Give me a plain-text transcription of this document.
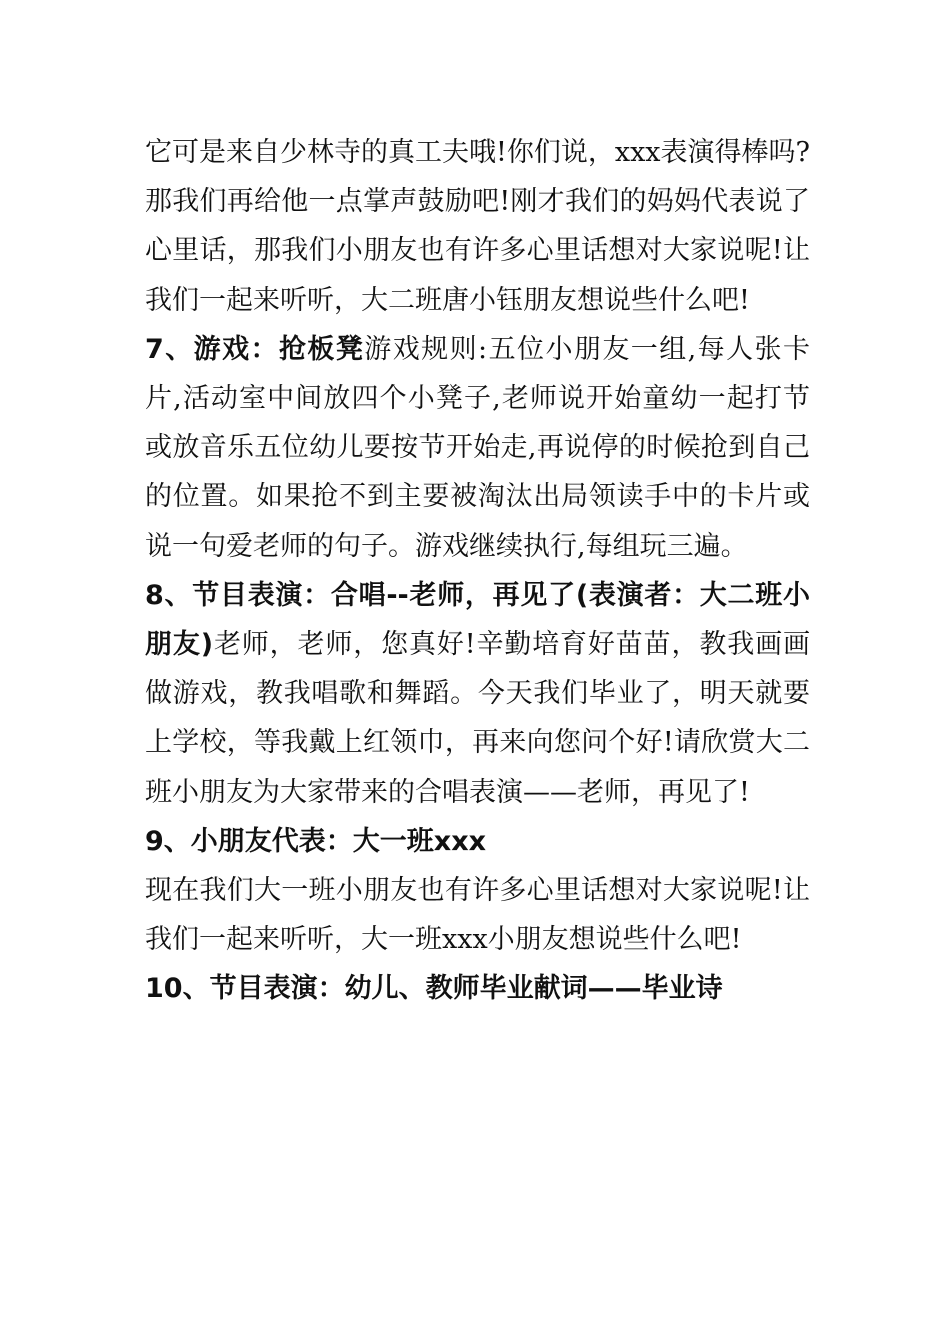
它可是来自少林寺的真工夫哦!你们说，xxx表演得棒吗?那我们再给他一点掌声鼓励吧!刚才我们的妈妈代表说了心里话，那我们小朋友也有许多心里话想对大家说呢!让我们一起来听听，大二班唐小钰朋友想说些什么吧!

7、游戏：抢板凳游戏规则:五位小朋友一组,每人张卡片,活动室中间放四个小凳子,老师说开始童幼一起打节或放音乐五位幼儿要按节开始走,再说停的时候抢到自己的位置。如果抢不到主要被淘汰出局领读手中的卡片或说一句爱老师的句子。游戏继续执行,每组玩三遍。

8、节目表演：合唱--老师，再见了(表演者：大二班小朋友)老师，老师，您真好!辛勤培育好苗苗，教我画画做游戏，教我唱歌和舞蹈。今天我们毕业了，明天就要上学校，等我戴上红领巾，再来向您问个好!请欣赏大二班小朋友为大家带来的合唱表演——老师，再见了!

9、小朋友代表：大一班xxx

现在我们大一班小朋友也有许多心里话想对大家说呢!让我们一起来听听，大一班xxx小朋友想说些什么吧!

10、节目表演：幼儿、教师毕业献词——毕业诗
